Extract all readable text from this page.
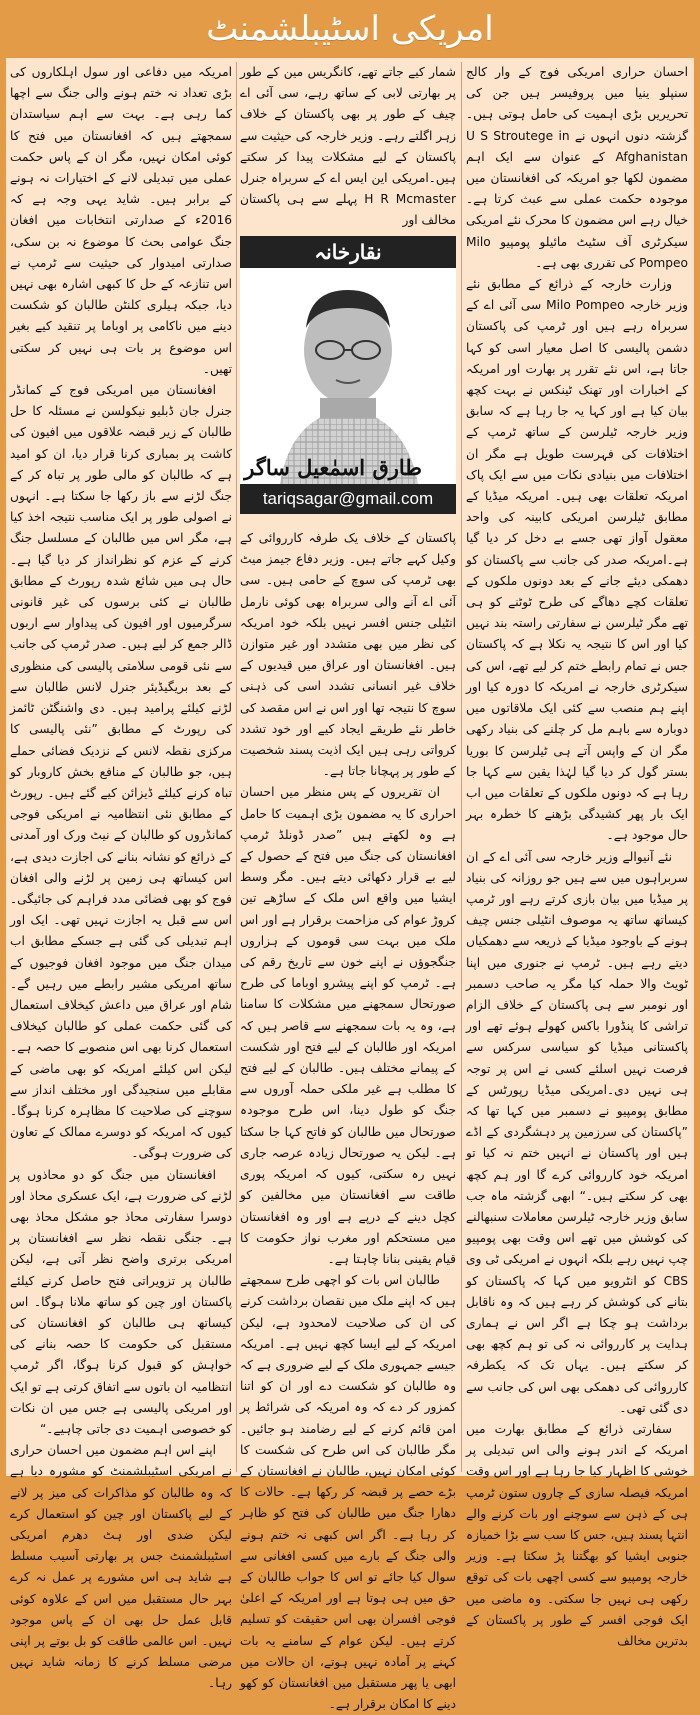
امریکی اسٹیبلشمنٹ

احسان حراری امریکی فوج کے وار کالج سنپلو ینیا میں پروفیسر ہیں جن کی تحریریں بڑی اہمیت کی حامل ہوتی ہیں۔ گزشتہ دنوں انہوں نے U S Stroutege in Afghanistan کے عنوان سے ایک اہم مضمون لکھا جو امریکہ کی افغانستان میں موجودہ حکمت عملی سے عبث کرتا ہے۔خیال رہے اس مضمون کا محرک نئے امریکی سیکرٹری آف سٹیٹ مائیلو پومپیو Milo Pompeo کی تقرری بھی ہے۔

وزارت خارجہ کے ذرائع کے مطابق نئے وزیر خارجہ Milo Pompeo سی آئی اے کے سربراہ رہے ہیں اور ٹرمپ کی پاکستان دشمن پالیسی کا اصل معیار اسی کو کہا جاتا ہے، اس نئے تقرر پر بھارت اور امریکہ کے اخبارات اور تھنک ٹینکس نے بہت کچھ بیان کیا ہے اور کہا یہ جا رہا ہے کہ سابق وزیر خارجہ ٹیلرسن کے ساتھ ٹرمپ کے اختلافات کی فہرست طویل ہے مگر ان اختلافات میں بنیادی نکات میں سے ایک پاک امریکہ تعلقات بھی ہیں۔ امریکہ میڈیا کے مطابق ٹیلرسن امریکی کابینہ کی واحد معقول آواز تھی جسے بے دخل کر دیا گیا ہے۔امریکہ صدر کی جانب سے پاکستان کو دھمکی دیئے جانے کے بعد دونوں ملکوں کے تعلقات کچے دھاگے کی طرح ٹوٹنے کو ہی تھے مگر ٹیلرسن نے سفارتی راستہ بند نہیں کیا اور اس کا نتیجہ یہ نکلا ہے کہ پاکستان جس نے تمام رابطے ختم کر لیے تھے، اس کی سیکرٹری خارجہ نے امریکہ کا دورہ کیا اور اپنے ہم منصب سے کئی ایک ملاقاتوں میں دوبارہ سے باہم مل کر چلنے کی بنیاد رکھی مگر ان کے واپس آتے ہی ٹیلرسن کا بوریا بستر گول کر دیا گیا لہٰذا یقین سے کہا جا رہا ہے کہ دونوں ملکوں کے تعلقات میں اب ایک بار پھر کشیدگی بڑھنے کا خطرہ بہر حال موجود ہے۔

نئے آنیوالے وزیر خارجہ سی آئی اے کے ان سربراہوں میں سے ہیں جو روزانہ کی بنیاد پر میڈیا میں بیان بازی کرتے رہے اور ٹرمپ کیساتھ ساتھ یہ موصوف انٹیلی جنس چیف ہونے کے باوجود میڈیا کے ذریعہ سے دھمکیاں دیتے رہے ہیں۔ ٹرمپ نے جنوری میں اپنا ٹویٹ والا حملہ کیا مگر یہ صاحب دسمبر اور نومبر سے ہی پاکستان کے خلاف الزام تراشی کا پنڈورا باکس کھولے ہوئے تھے اور پاکستانی میڈیا کو سیاسی سرکس سے فرصت نہیں اسلئے کسی نے اس پر توجہ ہی نہیں دی۔امریکی میڈیا رپورٹس کے مطابق پومپیو نے دسمبر میں کہا تھا کہ ”پاکستان کی سرزمین پر دہشگردی کے اڈے ہیں اور پاکستان نے انہیں ختم نہ کیا تو امریکہ خود کارروائی کرے گا اور ہم کچھ بھی کر سکتے ہیں۔“ ابھی گزشتہ ماہ جب سابق وزیر خارجہ ٹیلرسن معاملات سنبھالنے کی کوشش میں تھے اس وقت بھی پومپیو چپ نہیں رہے بلکہ انہوں نے امریکی ٹی وی CBS کو انٹرویو میں کہا کہ پاکستان کو بتانے کی کوشش کر رہے ہیں کہ وہ ناقابل برداشت ہو چکا ہے اگر اس نے ہماری ہدایت پر کارروائی نہ کی تو ہم کچھ بھی کر سکتے ہیں۔ یہاں تک کہ یکطرفہ کارروائی کی دھمکی بھی اس کی جانب سے دی گئی تھی۔

سفارتی ذرائع کے مطابق بھارت میں امریکہ کے اندر ہونے والی اس تبدیلی پر خوشی کا اظہار کیا جا رہا ہے اور اس وقت امریکہ فیصلہ سازی کے چاروں ستون ٹرمپ ہی کے ذہن سے سوچنے اور بات کرنے والے انتہا پسند ہیں، جس کا سب سے بڑا خمیازہ جنوبی ایشیا کو بھگتنا پڑ سکتا ہے۔ وزیر خارجہ پومپیو سے کسی اچھی بات کی توقع رکھی ہی نہیں جا سکتی۔ وہ ماضی میں ایک فوجی افسر کے طور پر پاکستان کے بدترین مخالف

شمار کیے جاتے تھے، کانگریس مین کے طور پر بھارتی لابی کے ساتھ رہے، سی آئی اے چیف کے طور پر بھی پاکستان کے خلاف زہر اگلتے رہے۔ وزیر خارجہ کی حیثیت سے پاکستان کے لیے مشکلات پیدا کر سکتے ہیں۔امریکی این ایس اے کے سربراہ جنرل H R Mcmaster پہلے سے ہی پاکستان مخالف اور

نقارخانہ
طارق اسمٰعیل ساگر
tariqsagar@gmail.com

پاکستان کے خلاف یک طرفہ کارروائی کے وکیل کہے جاتے ہیں۔ وزیر دفاع جیمز میٹ بھی ٹرمپ کی سوچ کے حامی ہیں۔ سی آئی اے آنے والی سربراہ بھی کوئی نارمل انٹیلی جنس افسر نہیں بلکہ خود امریکہ کی نظر میں بھی متشدد اور غیر متوازن ہیں۔ افغانستان اور عراق میں قیدیوں کے خلاف غیر انسانی تشدد اسی کی ذہنی سوچ کا نتیجہ تھا اور اس نے اس مقصد کی خاطر نئے طریقے ایجاد کیے اور خود تشدد کرواتی رہی ہیں ایک اذیت پسند شخصیت کے طور پر پہچانا جاتا ہے۔

ان تقریروں کے پس منظر میں احسان احراری کا یہ مضمون بڑی اہمیت کا حامل ہے وہ لکھتے ہیں ”صدر ڈونلڈ ٹرمپ افغانستان کی جنگ میں فتح کے حصول کے لیے بے قرار دکھائی دیتے ہیں۔ مگر وسط ایشیا میں واقع اس ملک کے ساڑھے تین کروڑ عوام کی مزاحمت برقرار ہے اور اس ملک میں بہت سی قوموں کے ہزاروں جنگجوؤں نے اپنے خون سے تاریخ رقم کی ہے۔ ٹرمپ کو اپنے پیشرو اوباما کی طرح صورتحال سمجھنے میں مشکلات کا سامنا ہے، وہ یہ بات سمجھنے سے قاصر ہیں کہ امریکہ اور طالبان کے لیے فتح اور شکست کے پیمانے مختلف ہیں۔ طالبان کے لیے فتح کا مطلب ہے غیر ملکی حملہ آوروں سے جنگ کو طول دینا، اس طرح موجودہ صورتحال میں طالبان کو فاتح کہا جا سکتا ہے۔ لیکن یہ صورتحال زیادہ عرصہ جاری نہیں رہ سکتی، کیوں کہ امریکہ پوری طاقت سے افغانستان میں مخالفین کو کچل دینے کے درپے ہے اور وہ افغانستان میں مستحکم اور مغرب نواز حکومت کا قیام یقینی بنانا چاہتا ہے۔

طالبان اس بات کو اچھی طرح سمجھتے ہیں کہ اپنے ملک میں نقصان برداشت کرنے کی ان کی صلاحیت لامحدود ہے، لیکن امریکہ کے لیے ایسا کچھ نہیں ہے۔ امریکہ جیسے جمہوری ملک کے لیے ضروری ہے کہ وہ طالبان کو شکست دے اور ان کو اتنا کمزور کر دے کہ وہ امریکہ کی شرائط پر امن قائم کرنے کے لیے رضامند ہو جائیں۔ مگر طالبان کی اس طرح کی شکست کا کوئی امکان نہیں، طالبان نے افغانستان کے بڑے حصے پر قبضہ کر رکھا ہے۔ حالات کا دھارا جنگ میں طالبان کی فتح کو ظاہر کر رہا ہے۔ اگر اس کبھی نہ ختم ہونے والی جنگ کے بارے میں کسی افغانی سے سوال کیا جائے تو اس کا جواب طالبان کے حق میں ہی ہوتا ہے اور امریکہ کے اعلیٰ فوجی افسران بھی اس حقیقت کو تسلیم کرتے ہیں۔ لیکن عوام کے سامنے یہ بات کہنے پر آمادہ نہیں ہوتے، ان حالات میں ابھی یا پھر مستقبل میں افغانستان کو کھو دینے کا امکان برقرار ہے۔

امریکہ میں دفاعی اور سول اہلکاروں کی بڑی تعداد نہ ختم ہونے والی جنگ سے اچھا کما رہی ہے۔ بہت سے اہم سیاستدان سمجھتے ہیں کہ افغانستان میں فتح کا کوئی امکان نہیں، مگر ان کے پاس حکمت عملی میں تبدیلی لانے کے اختیارات نہ ہونے کے برابر ہیں۔ شاید یہی وجہ ہے کہ 2016ء کے صدارتی انتخابات میں افغان جنگ عوامی بحث کا موضوع نہ بن سکی، صدارتی امیدوار کی حیثیت سے ٹرمپ نے اس تنازعہ کے حل کا کبھی اشارہ بھی نہیں دیا، جبکہ ہیلری کلنٹن طالبان کو شکست دینے میں ناکامی پر اوباما پر تنقید کیے بغیر اس موضوع پر بات ہی نہیں کر سکتی تھیں۔

افغانستان میں امریکی فوج کے کمانڈر جنرل جان ڈبلیو نیکولسن نے مسئلہ کا حل طالبان کے زیر قبضہ علاقوں میں افیون کی کاشت پر بمباری کرنا قرار دیا، ان کو امید ہے کہ طالبان کو مالی طور پر تباہ کر کے جنگ لڑنے سے باز رکھا جا سکتا ہے۔ انہوں نے اصولی طور پر ایک مناسب نتیجہ اخذ کیا ہے، مگر اس میں طالبان کے مسلسل جنگ کرنے کے عزم کو نظرانداز کر دیا گیا ہے۔ حال ہی میں شائع شدہ رپورٹ کے مطابق طالبان نے کئی برسوں کی غیر قانونی سرگرمیوں اور افیون کی پیداوار سے اربوں ڈالر جمع کر لیے ہیں۔ صدر ٹرمپ کی جانب سے نئی قومی سلامتی پالیسی کی منظوری کے بعد بریگیڈیئر جنرل لانس طالبان سے لڑنے کیلئے پرامید ہیں۔ دی واشنگٹن ٹائمز کی رپورٹ کے مطابق ”نئی پالیسی کا مرکزی نقطہ لانس کے نزدیک فضائی حملے ہیں، جو طالبان کے منافع بخش کاروبار کو تباہ کرنے کیلئے ڈیزائن کیے گئے ہیں۔ رپورٹ کے مطابق نئی انتظامیہ نے امریکی فوجی کمانڈروں کو طالبان کے نیٹ ورک اور آمدنی کے ذرائع کو نشانہ بنانے کی اجازت دیدی ہے، اس کیساتھ ہی زمین پر لڑنے والی افغان فوج کو بھی فضائی مدد فراہم کی جائیگی۔ اس سے قبل یہ اجازت نہیں تھی۔ ایک اور اہم تبدیلی کی گئی ہے جسکے مطابق اب میدان جنگ میں موجود افغان فوجیوں کے ساتھ امریکی مشیر رابطے میں رہیں گے۔ شام اور عراق میں داعش کیخلاف استعمال کی گئی حکمت عملی کو طالبان کیخلاف استعمال کرنا بھی اس منصوبے کا حصہ ہے۔ لیکن اس کیلئے امریکہ کو بھی ماضی کے مقابلے میں سنجیدگی اور مختلف انداز سے سوچنے کی صلاحیت کا مظاہرہ کرنا ہوگا۔ کیوں کہ امریکہ کو دوسرے ممالک کے تعاون کی ضرورت ہوگی۔

افغانستان میں جنگ کو دو محاذوں پر لڑنے کی ضرورت ہے، ایک عسکری محاذ اور دوسرا سفارتی محاذ جو مشکل محاذ بھی ہے۔ جنگی نقطہ نظر سے افغانستان پر امریکی برتری واضح نظر آتی ہے، لیکن طالبان پر تزویراتی فتح حاصل کرنے کیلئے پاکستان اور چین کو ساتھ ملانا ہوگا۔ اس کیساتھ ہی طالبان کو افغانستان کی مستقبل کی حکومت کا حصہ بنانے کی خواہش کو قبول کرنا ہوگا، اگر ٹرمپ انتظامیہ ان باتوں سے اتفاق کرتی ہے تو ایک اور امریکی پالیسی ہے جس میں ان نکات کو خصوصی اہمیت دی جاتی چاہیے۔“

اپنے اس اہم مضمون میں احسان حراری نے امریکی اسٹیبلشمنٹ کو مشورہ دیا ہے کہ وہ طالبان کو مذاکرات کی میز پر لانے کے لیے پاکستان اور چین کو استعمال کرے لیکن ضدی اور ہٹ دھرم امریکی اسٹیبلشمنٹ جس پر بھارتی آسیب مسلط ہے شاید ہی اس مشورے پر عمل نہ کرے بہر حال مستقبل میں اس کے علاوہ کوئی قابل عمل حل بھی ان کے پاس موجود نہیں۔ اس عالمی طاقت کو بل بوتے پر اپنی مرضی مسلط کرنے کا زمانہ شاید نہیں رہا۔
